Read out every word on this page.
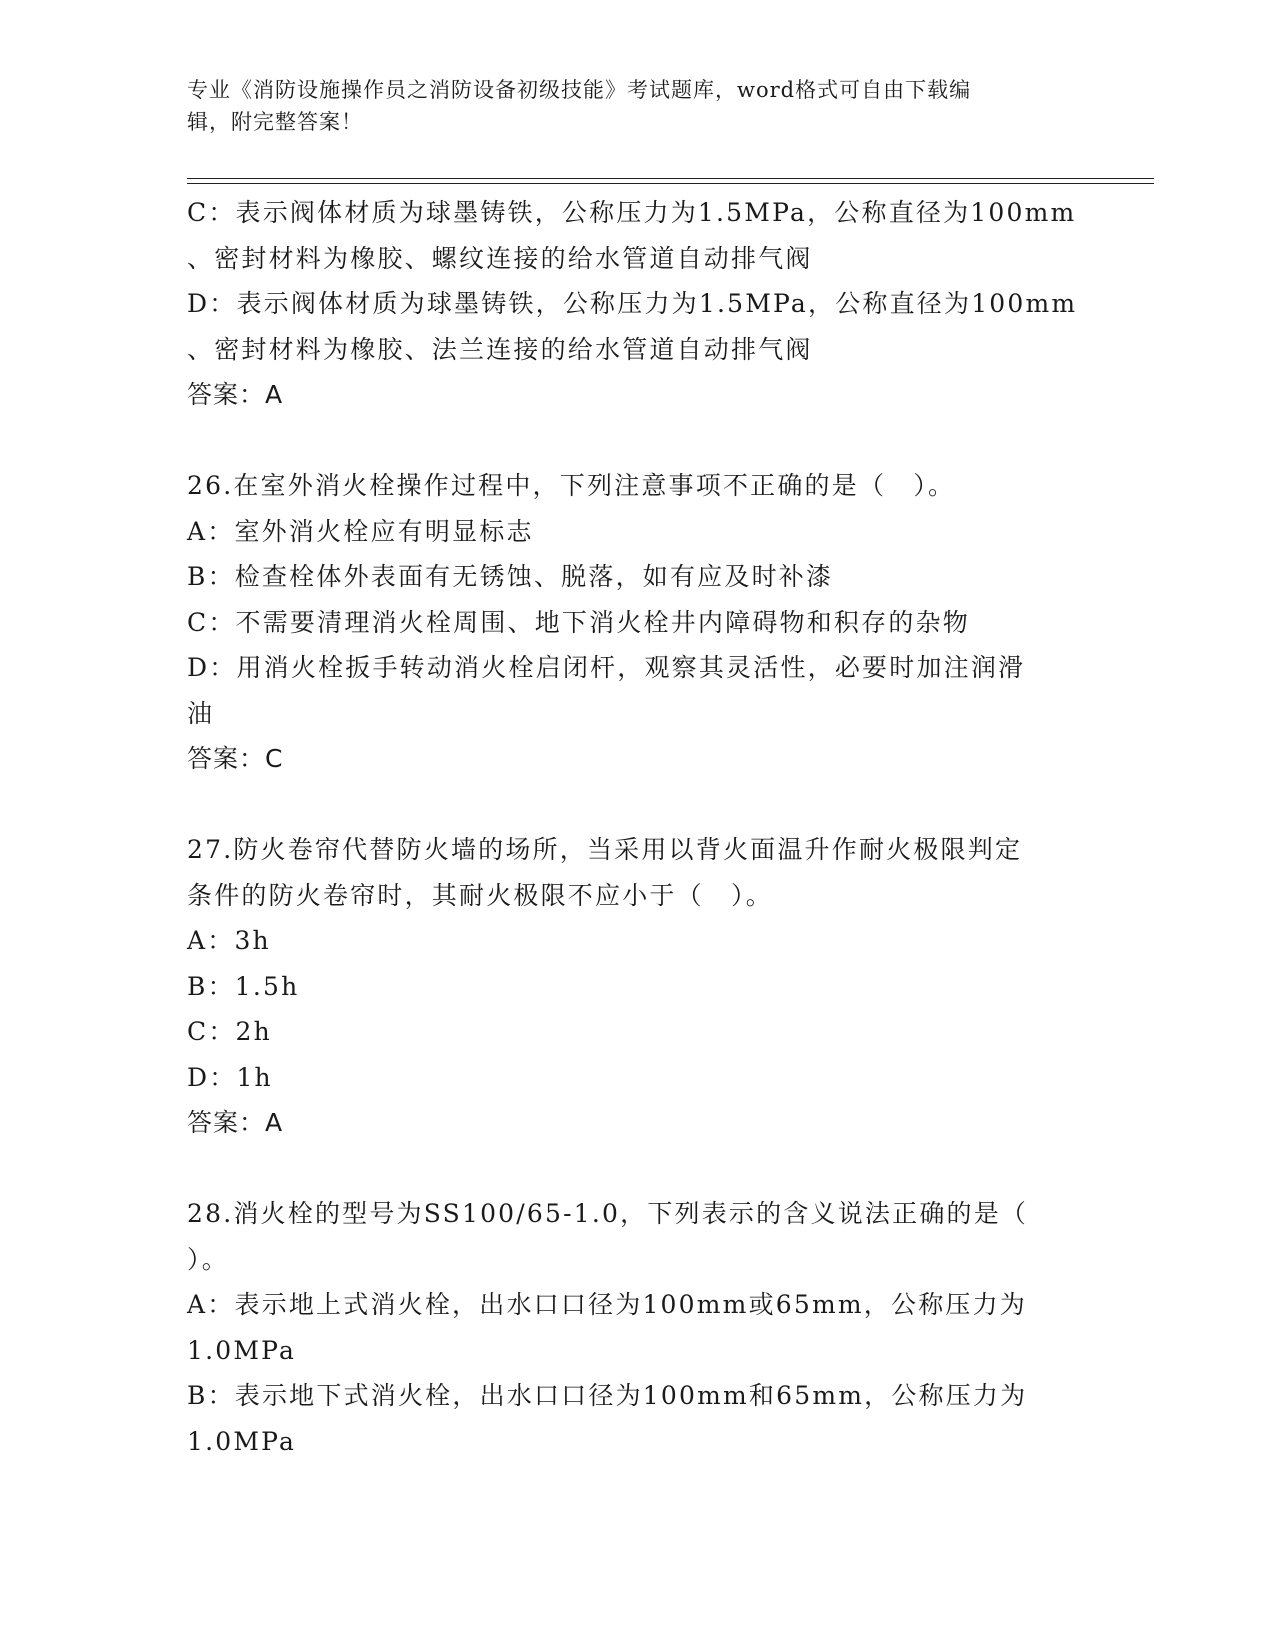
专业《消防设施操作员之消防设备初级技能》考试题库，word格式可自由下载编
辑，附完整答案！
C：表示阀体材质为球墨铸铁，公称压力为1.5MPa，公称直径为100mm
、密封材料为橡胶、螺纹连接的给水管道自动排气阀
D：表示阀体材质为球墨铸铁，公称压力为1.5MPa，公称直径为100mm
、密封材料为橡胶、法兰连接的给水管道自动排气阀
答案：A
26.在室外消火栓操作过程中，下列注意事项不正确的是（　）。
A：室外消火栓应有明显标志
B：检查栓体外表面有无锈蚀、脱落，如有应及时补漆
C：不需要清理消火栓周围、地下消火栓井内障碍物和积存的杂物
D：用消火栓扳手转动消火栓启闭杆，观察其灵活性，必要时加注润滑
油
答案：C
27.防火卷帘代替防火墙的场所，当采用以背火面温升作耐火极限判定
条件的防火卷帘时，其耐火极限不应小于（　）。
A：3h
B：1.5h
C：2h
D：1h
答案：A
28.消火栓的型号为SS100/65-1.0，下列表示的含义说法正确的是（
）。
A：表示地上式消火栓，出水口口径为100mm或65mm，公称压力为
1.0MPa
B：表示地下式消火栓，出水口口径为100mm和65mm，公称压力为
1.0MPa
